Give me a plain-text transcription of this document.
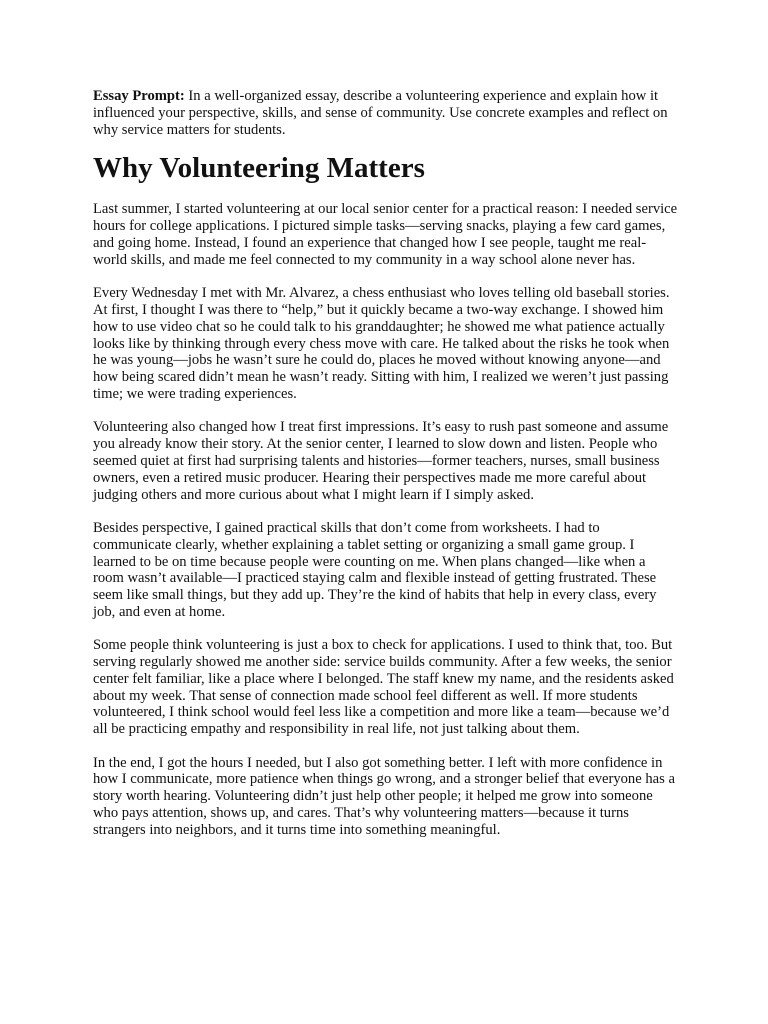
Essay Prompt: In a well-organized essay, describe a volunteering experience and explain how it influenced your perspective, skills, and sense of community. Use concrete examples and reflect on why service matters for students.

Why Volunteering Matters

Last summer, I started volunteering at our local senior center for a practical reason: I needed service hours for college applications. I pictured simple tasks—serving snacks, playing a few card games, and going home. Instead, I found an experience that changed how I see people, taught me real-world skills, and made me feel connected to my community in a way school alone never has.

Every Wednesday I met with Mr. Alvarez, a chess enthusiast who loves telling old baseball stories. At first, I thought I was there to “help,” but it quickly became a two-way exchange. I showed him how to use video chat so he could talk to his granddaughter; he showed me what patience actually looks like by thinking through every chess move with care. He talked about the risks he took when he was young—jobs he wasn’t sure he could do, places he moved without knowing anyone—and how being scared didn’t mean he wasn’t ready. Sitting with him, I realized we weren’t just passing time; we were trading experiences.

Volunteering also changed how I treat first impressions. It’s easy to rush past someone and assume you already know their story. At the senior center, I learned to slow down and listen. People who seemed quiet at first had surprising talents and histories—former teachers, nurses, small business owners, even a retired music producer. Hearing their perspectives made me more careful about judging others and more curious about what I might learn if I simply asked.

Besides perspective, I gained practical skills that don’t come from worksheets. I had to communicate clearly, whether explaining a tablet setting or organizing a small game group. I learned to be on time because people were counting on me. When plans changed—like when a room wasn’t available—I practiced staying calm and flexible instead of getting frustrated. These seem like small things, but they add up. They’re the kind of habits that help in every class, every job, and even at home.

Some people think volunteering is just a box to check for applications. I used to think that, too. But serving regularly showed me another side: service builds community. After a few weeks, the senior center felt familiar, like a place where I belonged. The staff knew my name, and the residents asked about my week. That sense of connection made school feel different as well. If more students volunteered, I think school would feel less like a competition and more like a team—because we’d all be practicing empathy and responsibility in real life, not just talking about them.

In the end, I got the hours I needed, but I also got something better. I left with more confidence in how I communicate, more patience when things go wrong, and a stronger belief that everyone has a story worth hearing. Volunteering didn’t just help other people; it helped me grow into someone who pays attention, shows up, and cares. That’s why volunteering matters—because it turns strangers into neighbors, and it turns time into something meaningful.
